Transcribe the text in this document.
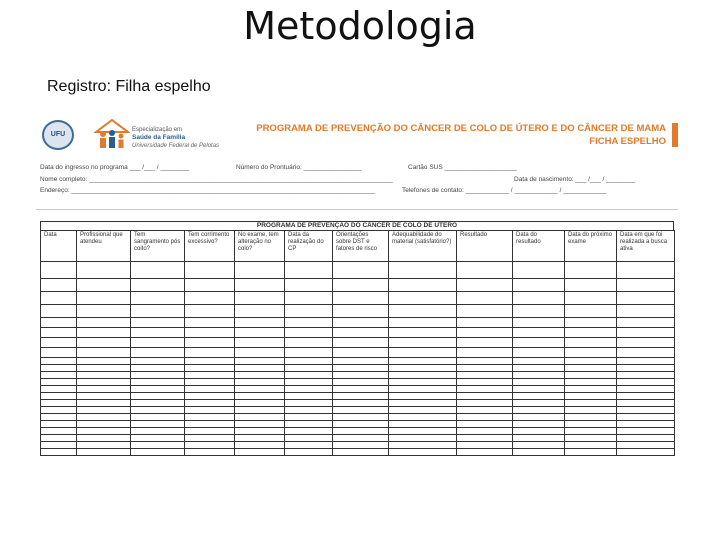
Metodologia
Registro: Filha espelho
UFU
Especialização em
Saúde da Família
Universidade Federal de Pelotas
PROGRAMA DE PREVENÇÃO DO CÂNCER DE COLO DE ÚTERO E DO CÂNCER DE MAMA
FICHA ESPELHO
Data do ingresso no programa ___ /___ / ________	Número do Prontuário: ________________	Cartão SUS ____________________
Nome completo: ____________________________________________________________________________________	Data de nascimento: ___ /___ / ________
Endereço: ____________________________________________________________________________________	Telefones de contato: ____________ / ____________ / ____________
PROGRAMA DE PREVENÇÃO DO CÂNCER DE COLO DE ÚTERO
Data	Profissional que atendeu	Tem sangramento pós coito?	Tem corrimento excessivo?	No exame, tem alteração no colo?	Data da realização do CP	Orientações sobre DST e fatores de risco	Adequabilidade do material (satisfatório?)	Resultado	Data do resultado	Data do próximo exame	Data em que foi realizada a busca ativa
